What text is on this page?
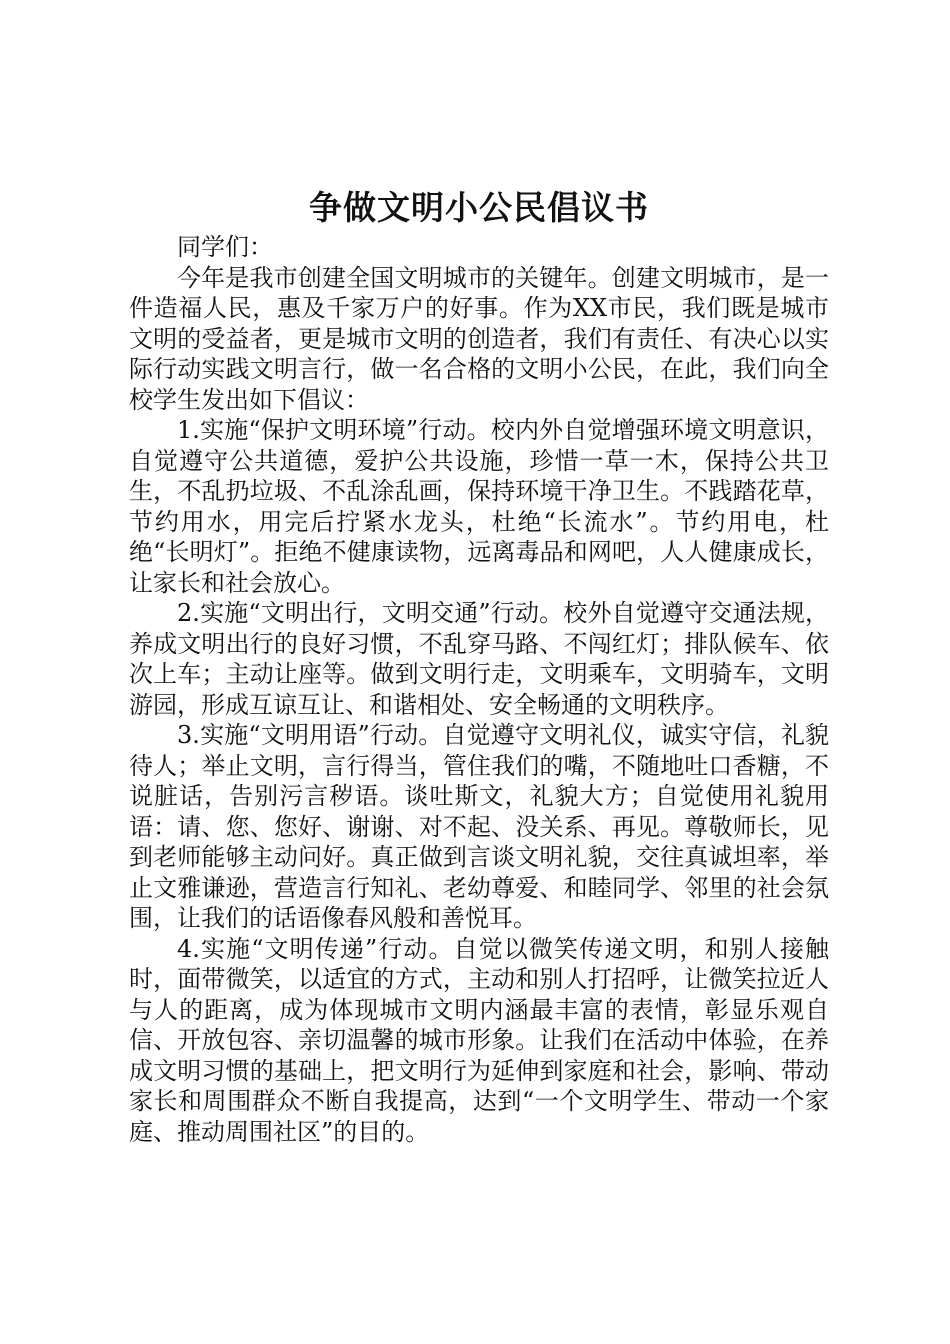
争做文明小公民倡议书

同学们：

今年是我市创建全国文明城市的关键年。创建文明城市，是一件造福人民，惠及千家万户的好事。作为XX市民，我们既是城市文明的受益者，更是城市文明的创造者，我们有责任、有决心以实际行动实践文明言行，做一名合格的文明小公民，在此，我们向全校学生发出如下倡议：

1.实施“保护文明环境”行动。校内外自觉增强环境文明意识，自觉遵守公共道德，爱护公共设施，珍惜一草一木，保持公共卫生，不乱扔垃圾、不乱涂乱画，保持环境干净卫生。不践踏花草，节约用水，用完后拧紧水龙头，杜绝“长流水”。节约用电，杜绝“长明灯”。拒绝不健康读物，远离毒品和网吧，人人健康成长，让家长和社会放心。

2.实施“文明出行，文明交通”行动。校外自觉遵守交通法规，养成文明出行的良好习惯，不乱穿马路、不闯红灯；排队候车、依次上车；主动让座等。做到文明行走，文明乘车，文明骑车，文明游园，形成互谅互让、和谐相处、安全畅通的文明秩序。

3.实施“文明用语”行动。自觉遵守文明礼仪，诚实守信，礼貌待人；举止文明，言行得当，管住我们的嘴，不随地吐口香糖，不说脏话，告别污言秽语。谈吐斯文，礼貌大方；自觉使用礼貌用语：请、您、您好、谢谢、对不起、没关系、再见。尊敬师长，见到老师能够主动问好。真正做到言谈文明礼貌，交往真诚坦率，举止文雅谦逊，营造言行知礼、老幼尊爱、和睦同学、邻里的社会氛围，让我们的话语像春风般和善悦耳。

4.实施“文明传递”行动。自觉以微笑传递文明，和别人接触时，面带微笑，以适宜的方式，主动和别人打招呼，让微笑拉近人与人的距离，成为体现城市文明内涵最丰富的表情，彰显乐观自信、开放包容、亲切温馨的城市形象。让我们在活动中体验，在养成文明习惯的基础上，把文明行为延伸到家庭和社会，影响、带动家长和周围群众不断自我提高，达到“一个文明学生、带动一个家庭、推动周围社区”的目的。
